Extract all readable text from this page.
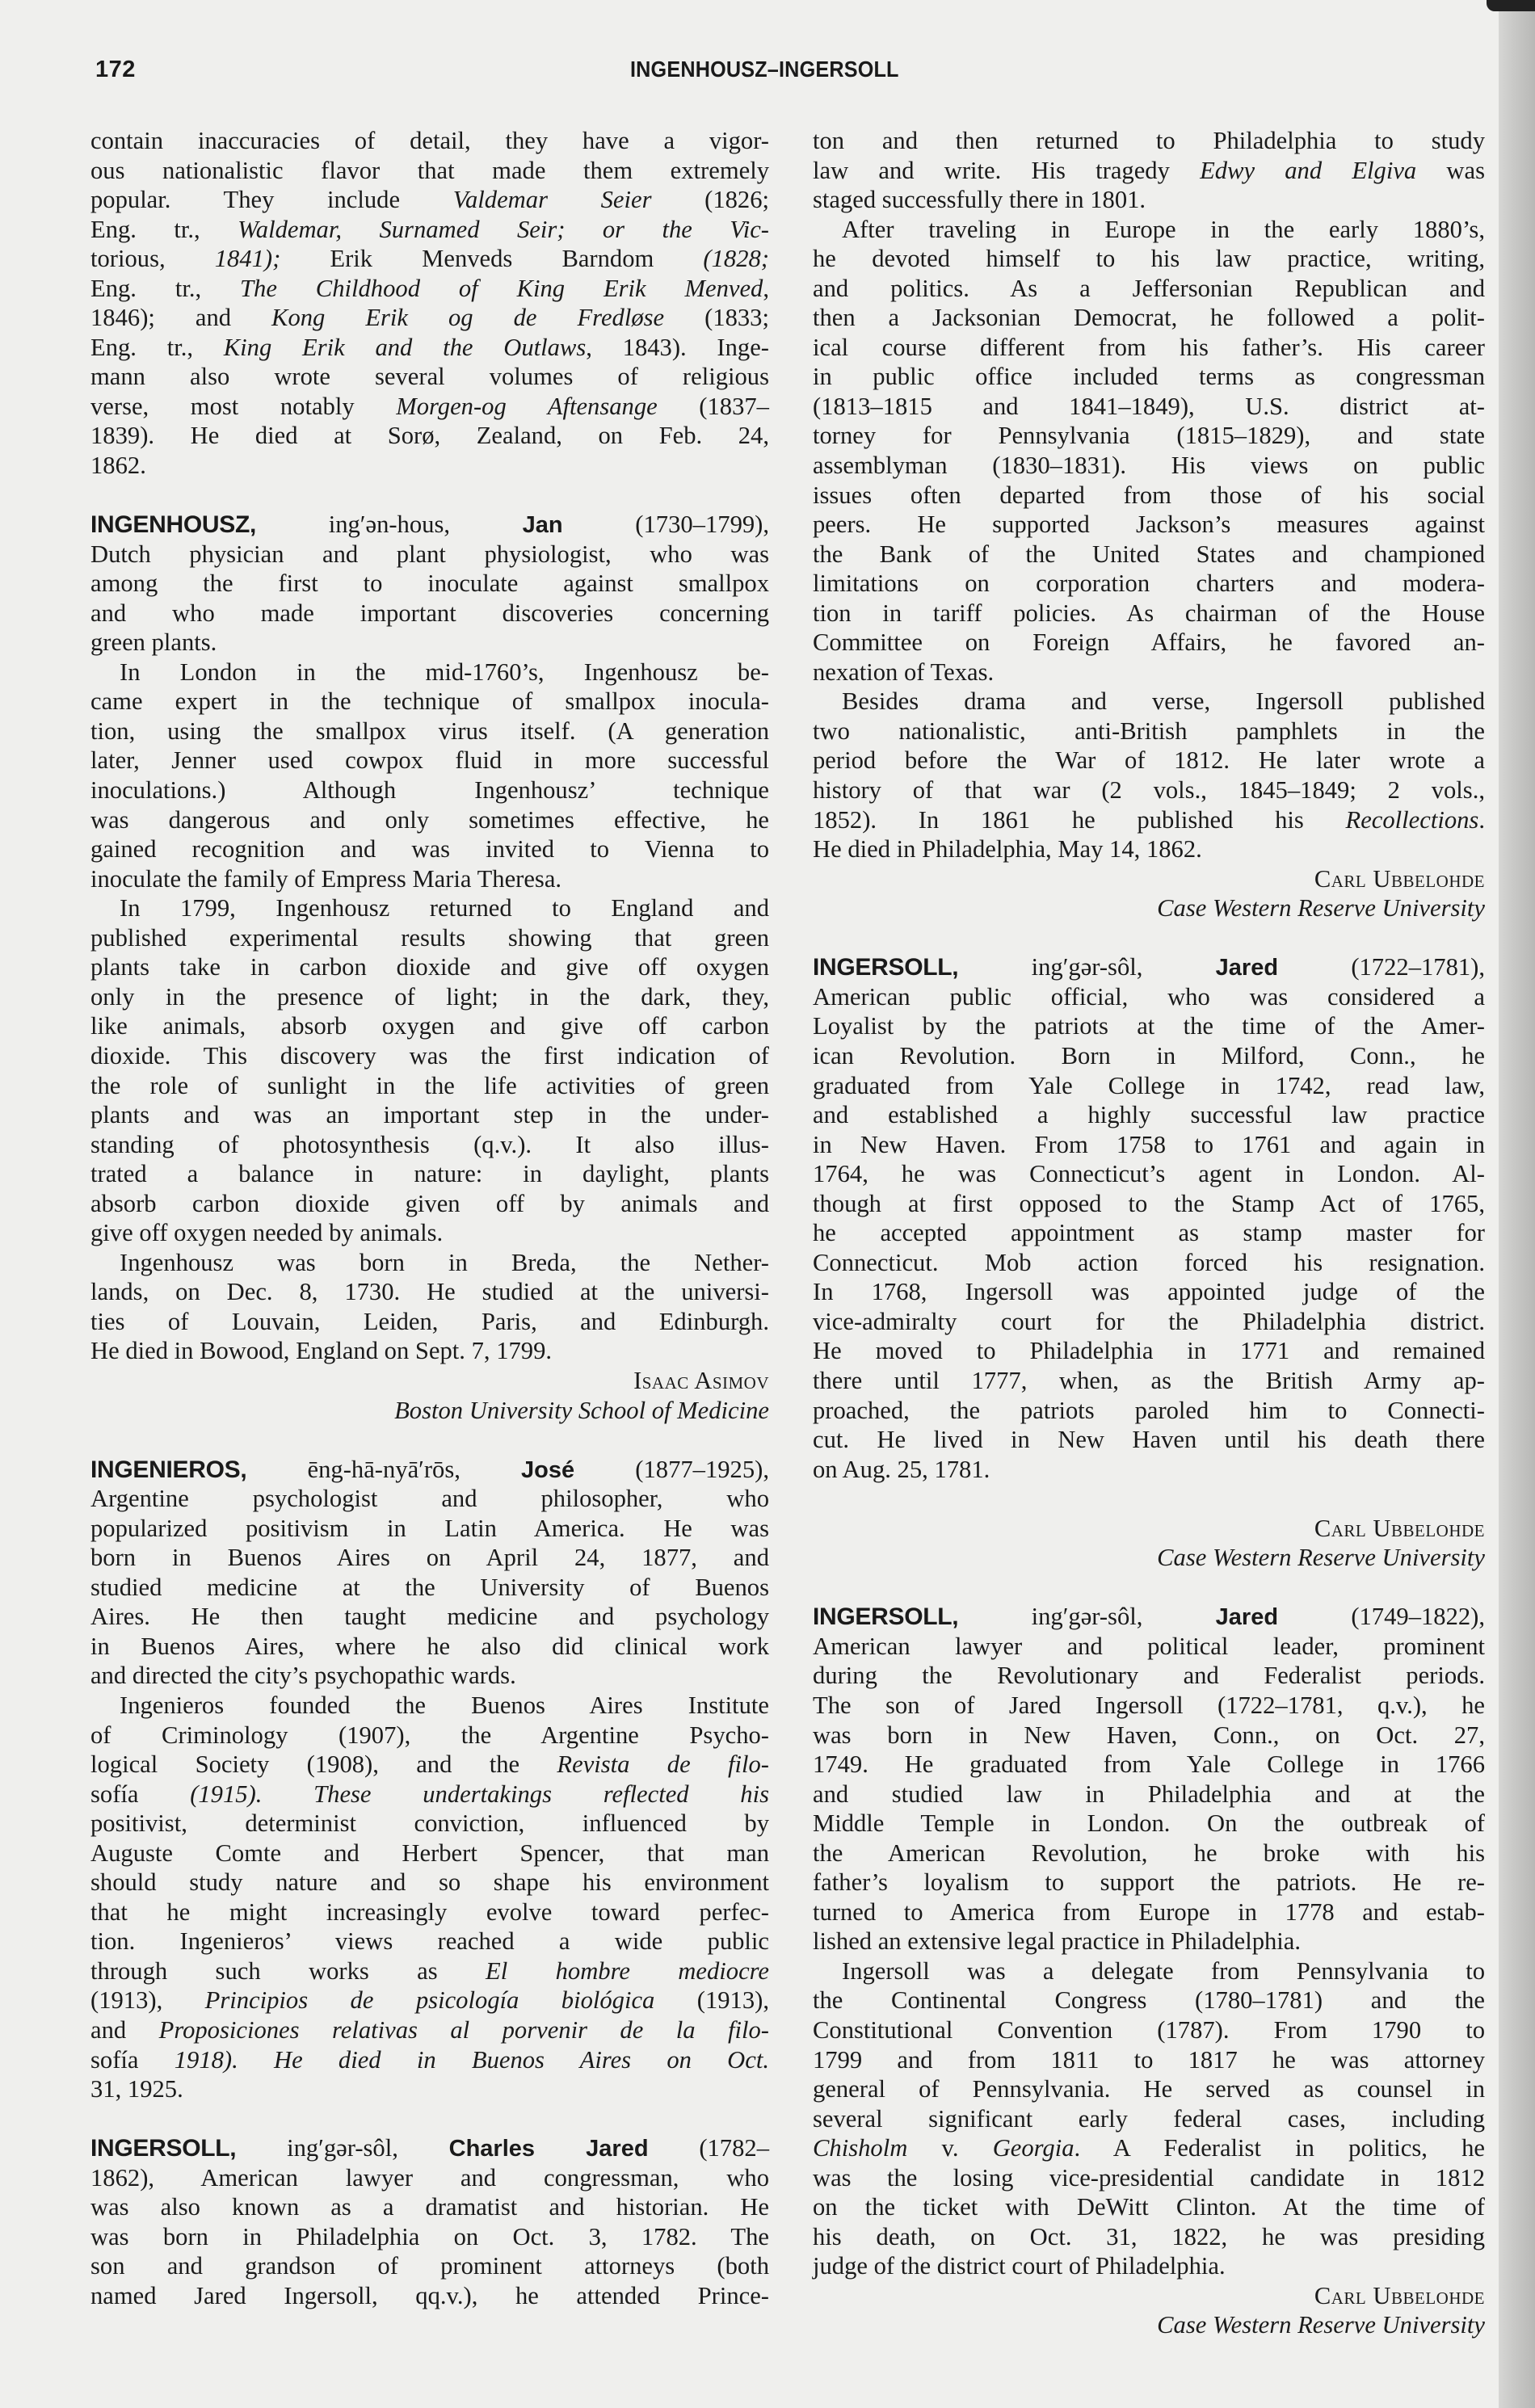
172	INGENHOUSZ–INGERSOLL
contain inaccuracies of detail, they have a vigor-
ous nationalistic flavor that made them extremely
popular. They include Valdemar Seier (1826;
Eng. tr., Waldemar, Surnamed Seir; or the Vic-
torious, 1841); Erik Menveds Barndom (1828;
Eng. tr., The Childhood of King Erik Menved,
1846); and Kong Erik og de Fredløse (1833;
Eng. tr., King Erik and the Outlaws, 1843). Inge-
mann also wrote several volumes of religious
verse, most notably Morgen-og Aftensange (1837–
1839). He died at Sorø, Zealand, on Feb. 24,
1862.
INGENHOUSZ,	ing′ən-hous,	Jan	(1730–1799),
Dutch physician and plant physiologist, who was
among the first to inoculate against smallpox
and who made important discoveries concerning
green plants.
In London in the mid-1760’s, Ingenhousz be-
came expert in the technique of smallpox inocula-
tion, using the smallpox virus itself. (A generation
later, Jenner used cowpox fluid in more successful
inoculations.) Although Ingenhousz’ technique
was dangerous and only sometimes effective, he
gained recognition and was invited to Vienna to
inoculate the family of Empress Maria Theresa.
In 1799, Ingenhousz returned to England and
published experimental results showing that green
plants take in carbon dioxide and give off oxygen
only in the presence of light; in the dark, they,
like animals, absorb oxygen and give off carbon
dioxide. This discovery was the first indication of
the role of sunlight in the life activities of green
plants and was an important step in the under-
standing of photosynthesis (q.v.). It also illus-
trated a balance in nature: in daylight, plants
absorb carbon dioxide given off by animals and
give off oxygen needed by animals.
Ingenhousz was born in Breda, the Nether-
lands, on Dec. 8, 1730. He studied at the universi-
ties of Louvain, Leiden, Paris, and Edinburgh.
He died in Bowood, England on Sept. 7, 1799.
Isaac Asimov
Boston University School of Medicine
INGENIEROS, ēng-hā-nyā′rōs,	José (1877–1925),
Argentine psychologist and philosopher, who
popularized positivism in Latin America. He was
born in Buenos Aires on April 24, 1877, and
studied medicine at the University of Buenos
Aires. He then taught medicine and psychology
in Buenos Aires, where he also did clinical work
and directed the city’s psychopathic wards.
Ingenieros founded the Buenos Aires Institute
of Criminology (1907), the Argentine Psycho-
logical Society (1908), and the Revista de filo-
sofía (1915). These undertakings reflected his
positivist, determinist conviction, influenced by
Auguste Comte and Herbert Spencer, that man
should study nature and so shape his environment
that he might increasingly evolve toward perfec-
tion. Ingenieros’ views reached a wide public
through such works as El hombre mediocre
(1913), Principios de psicología biológica (1913),
and Proposiciones relativas al porvenir de la filo-
sofía 1918). He died in Buenos Aires on Oct.
31, 1925.
INGERSOLL, ing′gər-sôl, Charles Jared (1782–
1862), American lawyer and congressman, who
was also known as a dramatist and historian. He
was born in Philadelphia on Oct. 3, 1782. The
son and grandson of prominent attorneys (both
named Jared Ingersoll, qq.v.), he attended Prince-
ton and then returned to Philadelphia to study
law and write. His tragedy Edwy and Elgiva was
staged successfully there in 1801.
After traveling in Europe in the early 1880’s,
he devoted himself to his law practice, writing,
and politics. As a Jeffersonian Republican and
then a Jacksonian Democrat, he followed a polit-
ical course different from his father’s. His career
in public office included terms as congressman
(1813–1815 and 1841–1849), U.S. district at-
torney for Pennsylvania (1815–1829), and state
assemblyman (1830–1831). His views on public
issues often departed from those of his social
peers. He supported Jackson’s measures against
the Bank of the United States and championed
limitations on corporation charters and modera-
tion in tariff policies. As chairman of the House
Committee on Foreign Affairs, he favored an-
nexation of Texas.
Besides drama and verse, Ingersoll published
two nationalistic, anti-British pamphlets in the
period before the War of 1812. He later wrote a
history of that war (2 vols., 1845–1849; 2 vols.,
1852). In 1861 he published his Recollections.
He died in Philadelphia, May 14, 1862.
Carl Ubbelohde
Case Western Reserve University
INGERSOLL,	ing′gər-sôl,	Jared	(1722–1781),
American public official, who was considered a
Loyalist by the patriots at the time of the Amer-
ican Revolution. Born in Milford, Conn., he
graduated from Yale College in 1742, read law,
and established a highly successful law practice
in New Haven. From 1758 to 1761 and again in
1764, he was Connecticut’s agent in London. Al-
though at first opposed to the Stamp Act of 1765,
he accepted appointment as stamp master for
Connecticut. Mob action forced his resignation.
In 1768, Ingersoll was appointed judge of the
vice-admiralty court for the Philadelphia district.
He moved to Philadelphia in 1771 and remained
there until 1777, when, as the British Army ap-
proached, the patriots paroled him to Connecti-
cut. He lived in New Haven until his death there
on Aug. 25, 1781.
Carl Ubbelohde
Case Western Reserve University
INGERSOLL,	ing′gər-sôl,	Jared	(1749–1822),
American lawyer and political leader, prominent
during the Revolutionary and Federalist periods.
The son of Jared Ingersoll (1722–1781, q.v.), he
was born in New Haven, Conn., on Oct. 27,
1749. He graduated from Yale College in 1766
and studied law in Philadelphia and at the
Middle Temple in London. On the outbreak of
the American Revolution, he broke with his
father’s loyalism to support the patriots. He re-
turned to America from Europe in 1778 and estab-
lished an extensive legal practice in Philadelphia.
Ingersoll was a delegate from Pennsylvania to
the Continental Congress (1780–1781) and the
Constitutional Convention (1787). From 1790 to
1799 and from 1811 to 1817 he was attorney
general of Pennsylvania. He served as counsel in
several significant early federal cases, including
Chisholm v. Georgia. A Federalist in politics, he
was the losing vice-presidential candidate in 1812
on the ticket with DeWitt Clinton. At the time of
his death, on Oct. 31, 1822, he was presiding
judge of the district court of Philadelphia.
Carl Ubbelohde
Case Western Reserve University
